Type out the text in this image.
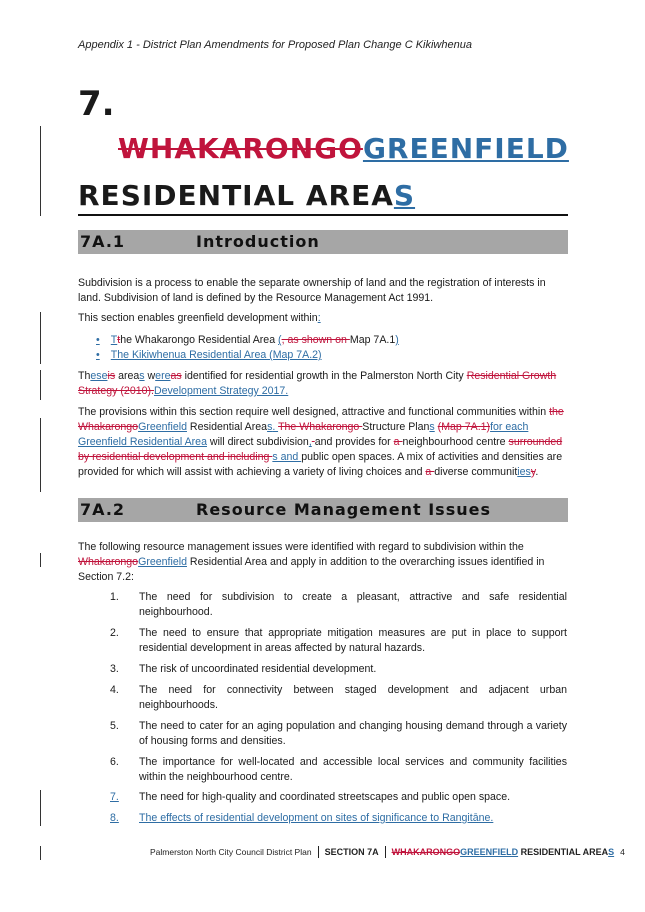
Appendix 1 - District Plan Amendments for Proposed Plan Change C Kikiwhenua
7.
WHAKARONGOGREENFIELD
RESIDENTIAL AREAS
7A.1	Introduction
Subdivision is a process to enable the separate ownership of land and the registration of interests in land. Subdivision of land is defined by the Resource Management Act 1991.
This section enables greenfield development within:
• Tthe Whakarongo Residential Area (, as shown on Map 7A.1)
• The Kikiwhenua Residential Area (Map 7A.2)
Theseis areas wereas identified for residential growth in the Palmerston North City Residential Growth Strategy (2010).Development Strategy 2017.
The provisions within this section require well designed, attractive and functional communities within the WhakarongoGreenfield Residential Areas. The Whakarongo Structure Plans (Map 7A.1)for each Greenfield Residential Area will direct subdivision, and provides for a neighbourhood centre surrounded by residential development and including s and public open spaces. A mix of activities and densities are provided for which will assist with achieving a variety of living choices and a diverse communitiesy.
7A.2	Resource Management Issues
The following resource management issues were identified with regard to subdivision within the WhakarongoGreenfield Residential Area and apply in addition to the overarching issues identified in Section 7.2:
1. The need for subdivision to create a pleasant, attractive and safe residential neighbourhood.
2. The need to ensure that appropriate mitigation measures are put in place to support residential development in areas affected by natural hazards.
3. The risk of uncoordinated residential development.
4. The need for connectivity between staged development and adjacent urban neighbourhoods.
5. The need to cater for an aging population and changing housing demand through a variety of housing forms and densities.
6. The importance for well-located and accessible local services and community facilities within the neighbourhood centre.
7. The need for high-quality and coordinated streetscapes and public open space.
8. The effects of residential development on sites of significance to Rangitāne.
Palmerston North City Council District Plan SECTION 7A WHAKARONGOGREENFIELD RESIDENTIAL AREAS 4
